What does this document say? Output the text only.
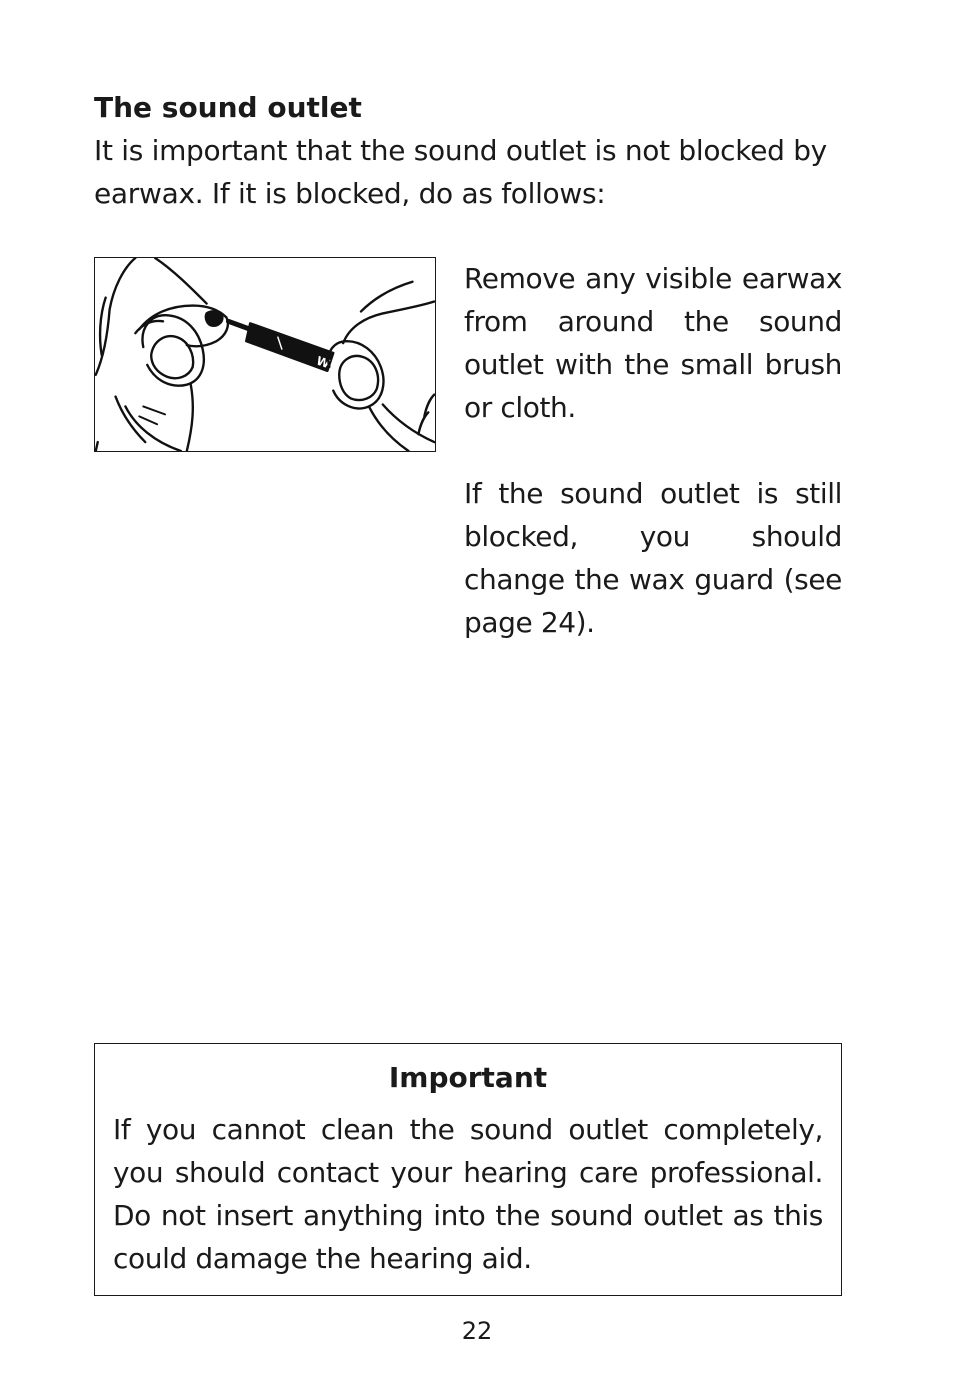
The sound outlet

It is important that the sound outlet is not blocked by earwax. If it is blocked, do as follows:

W

Remove any visible earwax from around the sound outlet with the small brush or cloth.

If the sound outlet is still blocked, you should change the wax guard (see page 24).

Important

If you cannot clean the sound outlet completely, you should contact your hearing care professional. Do not insert anything into the sound outlet as this could damage the hearing aid.

22
